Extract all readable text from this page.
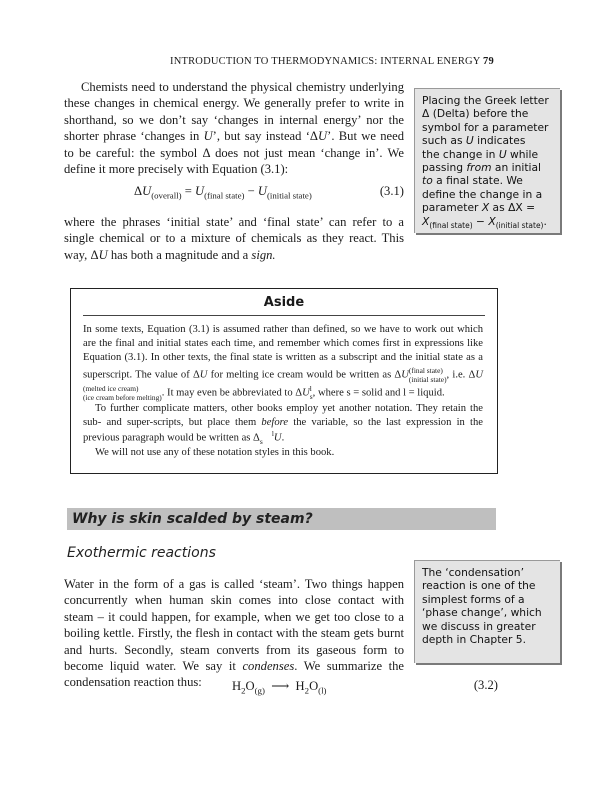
INTRODUCTION TO THERMODYNAMICS: INTERNAL ENERGY 79
Chemists need to understand the physical chemistry underlying these changes in chemical energy. We generally prefer to write in shorthand, so we don’t say ‘changes in internal energy’ nor the shorter phrase ‘changes in U’, but say instead ‘ΔU’. But we need to be careful: the symbol Δ does not just mean ‘change in’. We define it more precisely with Equation (3.1):
$\Delta U_{(overall)} = U_{(final state)} - U_{(initial state)}$	(3.1)
where the phrases ‘initial state’ and ‘final state’ can refer to a single chemical or to a mixture of chemicals as they react. This way, ΔU has both a magnitude and a sign.
Placing the Greek letter
Δ (Delta) before the
symbol for a parameter
such as U indicates
the change in U while
passing from an initial
to a final state. We
define the change in a
parameter X as ΔX =
$X_{(final state)} - X_{(initial state)}$.
Aside

In some texts, Equation (3.1) is assumed rather than defined, so we have to work out which are the final and initial states each time, and remember which comes first in expressions like Equation (3.1). In other texts, the final state is written as a subscript and the initial state as a superscript. The value of ΔU for melting ice cream would be written as ΔU(final state)
(initial state), i.e. ΔU(melted ice cream)
(ice cream before melting). It may even be abbreviated to ΔUl
s, where s = solid and l = liquid.

To further complicate matters, other books employ yet another notation. They retain the sub- and super-scripts, but place them before the variable, so the last expression in the previous paragraph would be written as Δ l
s U.

We will not use any of these notation styles in this book.

Why is skin scalded by steam?
Exothermic reactions
The ‘condensation’
reaction is one of the
simplest forms of a
‘phase change’, which
we discuss in greater
depth in Chapter 5.
Water in the form of a gas is called ‘steam’. Two things happen concurrently when human skin comes into close contact with steam – it could happen, for example, when we get too close to a boiling kettle. Firstly, the flesh in contact with the steam gets burnt and hurts. Secondly, steam converts from its gaseous form to become liquid water. We say it condenses. We summarize the condensation reaction thus:	$H_2O_{(g)}$  ⟶  $H_2O_{(l)}$	(3.2)
